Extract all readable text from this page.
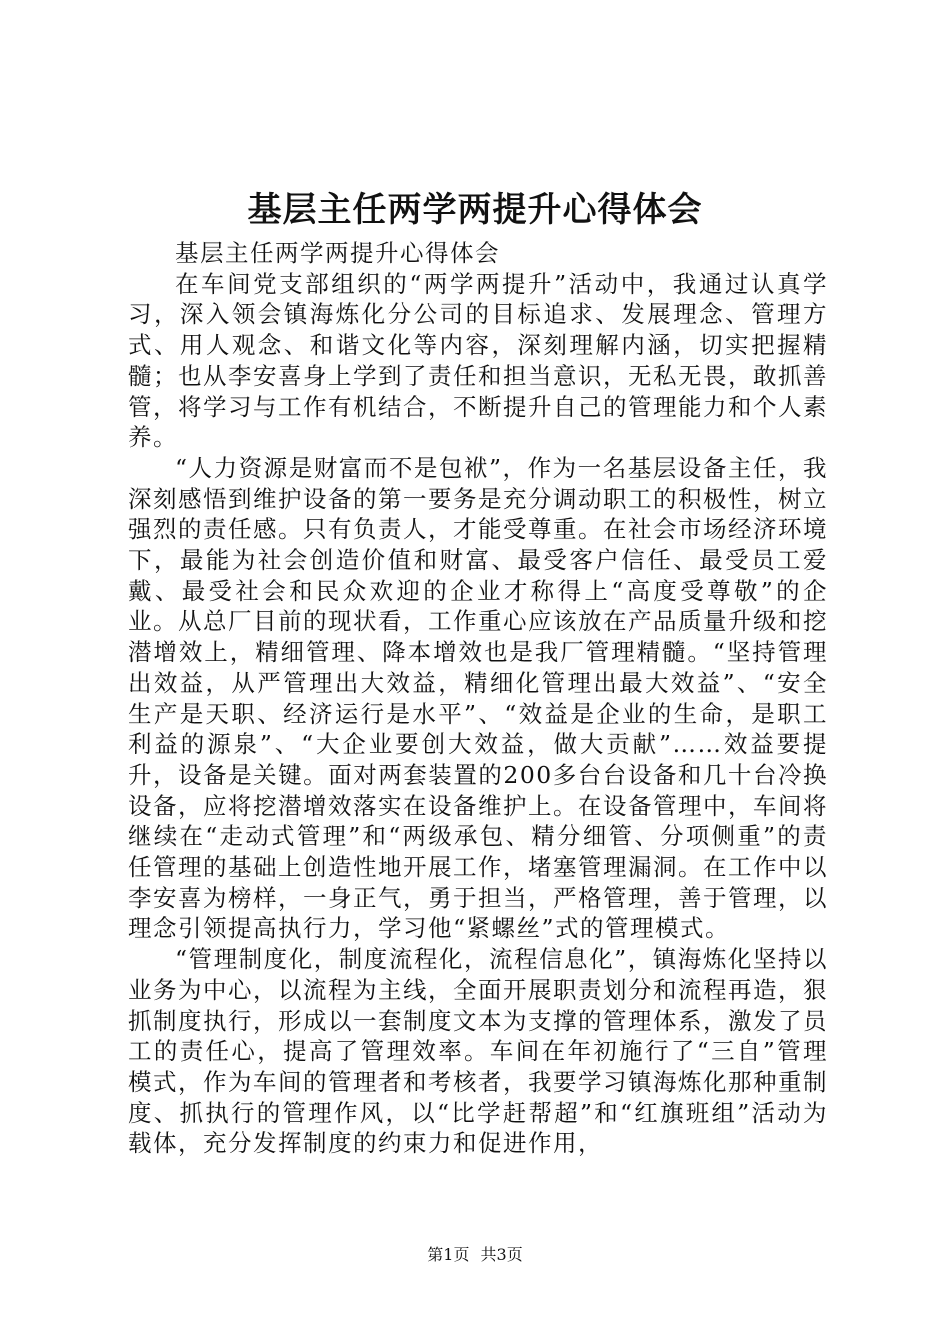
基层主任两学两提升心得体会

基层主任两学两提升心得体会

在车间党支部组织的“两学两提升”活动中，我通过认真学习，深入领会镇海炼化分公司的目标追求、发展理念、管理方式、用人观念、和谐文化等内容，深刻理解内涵，切实把握精髓；也从李安喜身上学到了责任和担当意识，无私无畏，敢抓善管，将学习与工作有机结合，不断提升自己的管理能力和个人素养。

“人力资源是财富而不是包袱”，作为一名基层设备主任，我深刻感悟到维护设备的第一要务是充分调动职工的积极性，树立强烈的责任感。只有负责人，才能受尊重。在社会市场经济环境下，最能为社会创造价值和财富、最受客户信任、最受员工爱戴、最受社会和民众欢迎的企业才称得上“高度受尊敬”的企业。从总厂目前的现状看，工作重心应该放在产品质量升级和挖潜增效上，精细管理、降本增效也是我厂管理精髓。“坚持管理出效益，从严管理出大效益，精细化管理出最大效益”、“安全生产是天职、经济运行是水平”、“效益是企业的生命，是职工利益的源泉”、“大企业要创大效益，做大贡献”……效益要提升，设备是关键。面对两套装置的200多台台设备和几十台冷换设备，应将挖潜增效落实在设备维护上。在设备管理中，车间将继续在“走动式管理”和“两级承包、精分细管、分项侧重”的责任管理的基础上创造性地开展工作，堵塞管理漏洞。在工作中以李安喜为榜样，一身正气，勇于担当，严格管理，善于管理，以理念引领提高执行力，学习他“紧螺丝”式的管理模式。

“管理制度化，制度流程化，流程信息化”，镇海炼化坚持以业务为中心，以流程为主线，全面开展职责划分和流程再造，狠抓制度执行，形成以一套制度文本为支撑的管理体系，激发了员工的责任心，提高了管理效率。车间在年初施行了“三自”管理模式，作为车间的管理者和考核者，我要学习镇海炼化那种重制度、抓执行的管理作风，以“比学赶帮超”和“红旗班组”活动为载体，充分发挥制度的约束力和促进作用，

第1页 共3页
